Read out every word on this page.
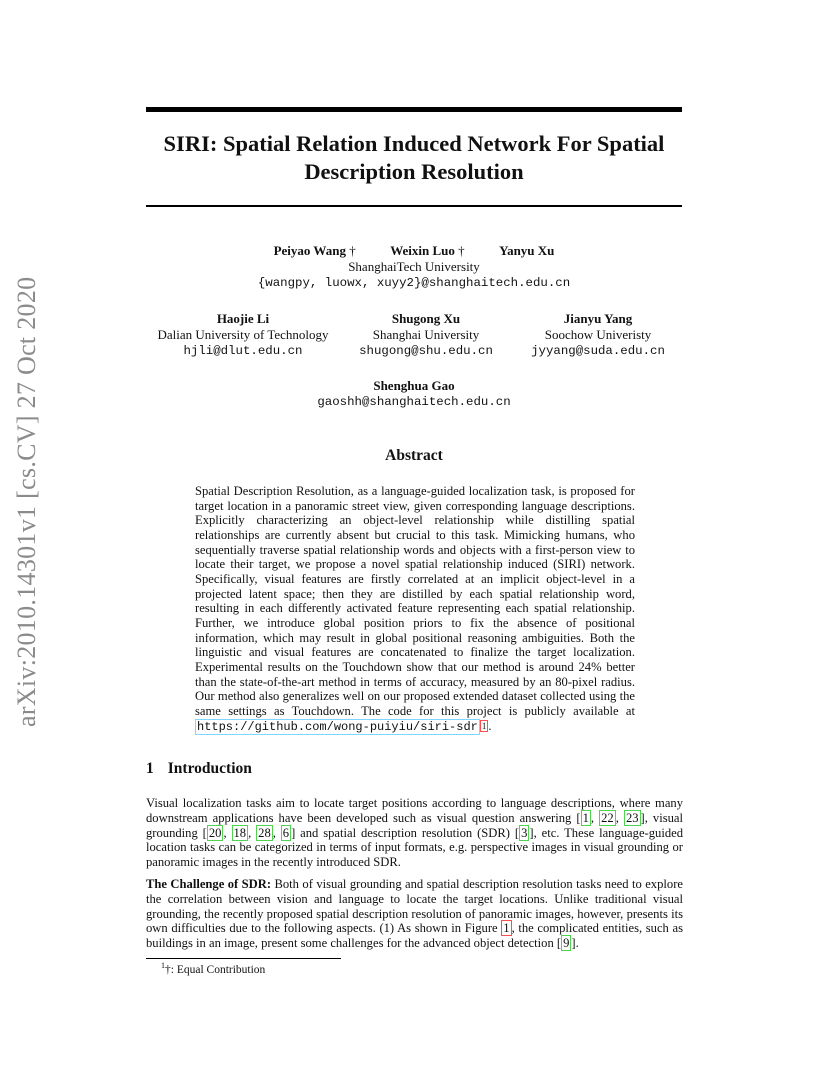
arXiv:2010.14301v1 [cs.CV] 27 Oct 2020
SIRI: Spatial Relation Induced Network For Spatial Description Resolution
Peiyao Wang †	Weixin Luo †	Yanyu Xu
ShanghaiTech University
{wangpy, luowx, xuyy2}@shanghaitech.edu.cn
Haojie Li
Dalian University of Technology
hjli@dlut.edu.cn
Shugong Xu
Shanghai University
shugong@shu.edu.cn
Jianyu Yang
Soochow Univeristy
jyyang@suda.edu.cn
Shenghua Gao
gaoshh@shanghaitech.edu.cn
Abstract
Spatial Description Resolution, as a language-guided localization task, is proposed for target location in a panoramic street view, given corresponding language descriptions. Explicitly characterizing an object-level relationship while distilling spatial relationships are currently absent but crucial to this task. Mimicking humans, who sequentially traverse spatial relationship words and objects with a first-person view to locate their target, we propose a novel spatial relationship induced (SIRI) network. Specifically, visual features are firstly correlated at an implicit object-level in a projected latent space; then they are distilled by each spatial relationship word, resulting in each differently activated feature representing each spatial relationship. Further, we introduce global position priors to fix the absence of positional information, which may result in global positional reasoning ambiguities. Both the linguistic and visual features are concatenated to finalize the target localization. Experimental results on the Touchdown show that our method is around 24% better than the state-of-the-art method in terms of accuracy, measured by an 80-pixel radius. Our method also generalizes well on our proposed extended dataset collected using the same settings as Touchdown. The code for this project is publicly available at https://github.com/wong-puiyiu/siri-sdr $^1$ .
1 Introduction
Visual localization tasks aim to locate target positions according to language descriptions, where many downstream applications have been developed such as visual question answering [ 1 , 22 , 23 ], visual grounding [ 20 , 18 , 28 , 6 ] and spatial description resolution (SDR) [ 3 ], etc. These language-guided location tasks can be categorized in terms of input formats, e.g. perspective images in visual grounding or panoramic images in the recently introduced SDR.
The Challenge of SDR: Both of visual grounding and spatial description resolution tasks need to explore the correlation between vision and language to locate the target locations. Unlike traditional visual grounding, the recently proposed spatial description resolution of panoramic images, however, presents its own difficulties due to the following aspects. (1) As shown in Figure 1 , the complicated entities, such as buildings in an image, present some challenges for the advanced object detection [ 9 ].
$^1$†: Equal Contribution
